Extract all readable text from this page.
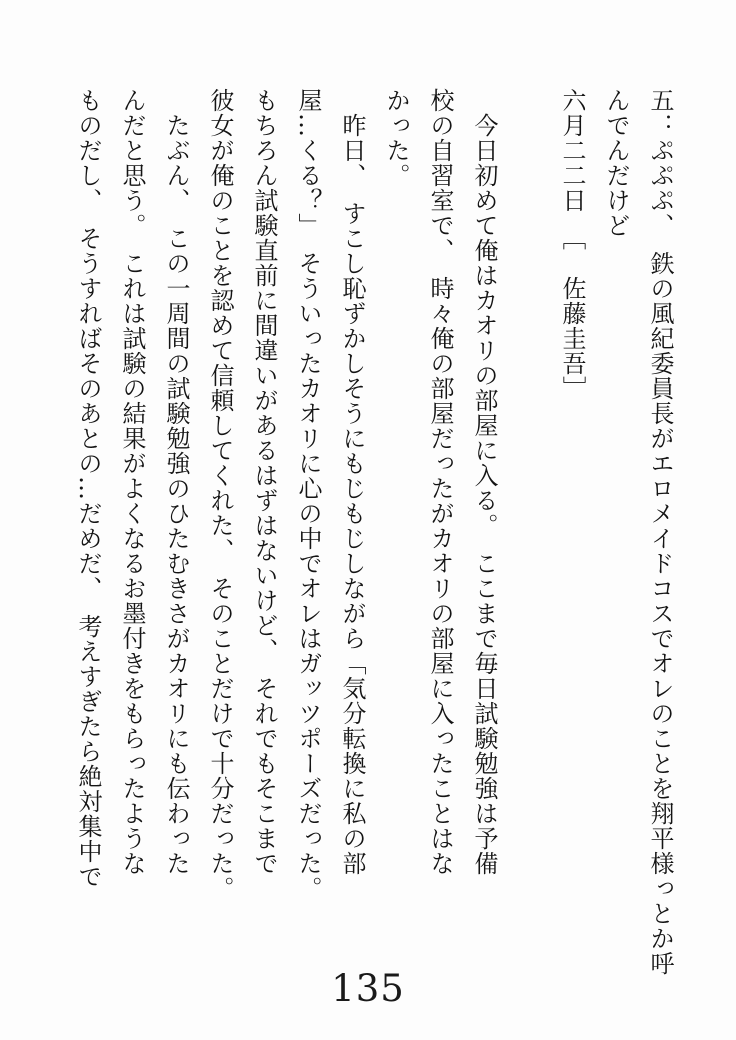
五：ぷぷぷ、　鉄の風紀委員長がエロメイドコスでオレのことを翔平様っとか呼

んでんだけど

六月二二日　［　佐藤圭吾］

　今日初めて俺はカオリの部屋に入る。　ここまで毎日試験勉強は予備

校の自習室で、　時々俺の部屋だったがカオリの部屋に入ったことはな

かった。

　昨日、　すこし恥ずかしそうにもじもじしながら「気分転換に私の部

屋…くる？」　そういったカオリに心の中でオレはガッツポーズだった。

もちろん試験直前に間違いがあるはずはないけど、　それでもそこまで

彼女が俺のことを認めて信頼してくれた、　そのことだけで十分だった。

　たぶん、　この一周間の試験勉強のひたむきさがカオリにも伝わった

んだと思う。　これは試験の結果がよくなるお墨付きをもらったような

ものだし、　そうすればそのあとの…だめだ、　考えすぎたら絶対集中で

135
